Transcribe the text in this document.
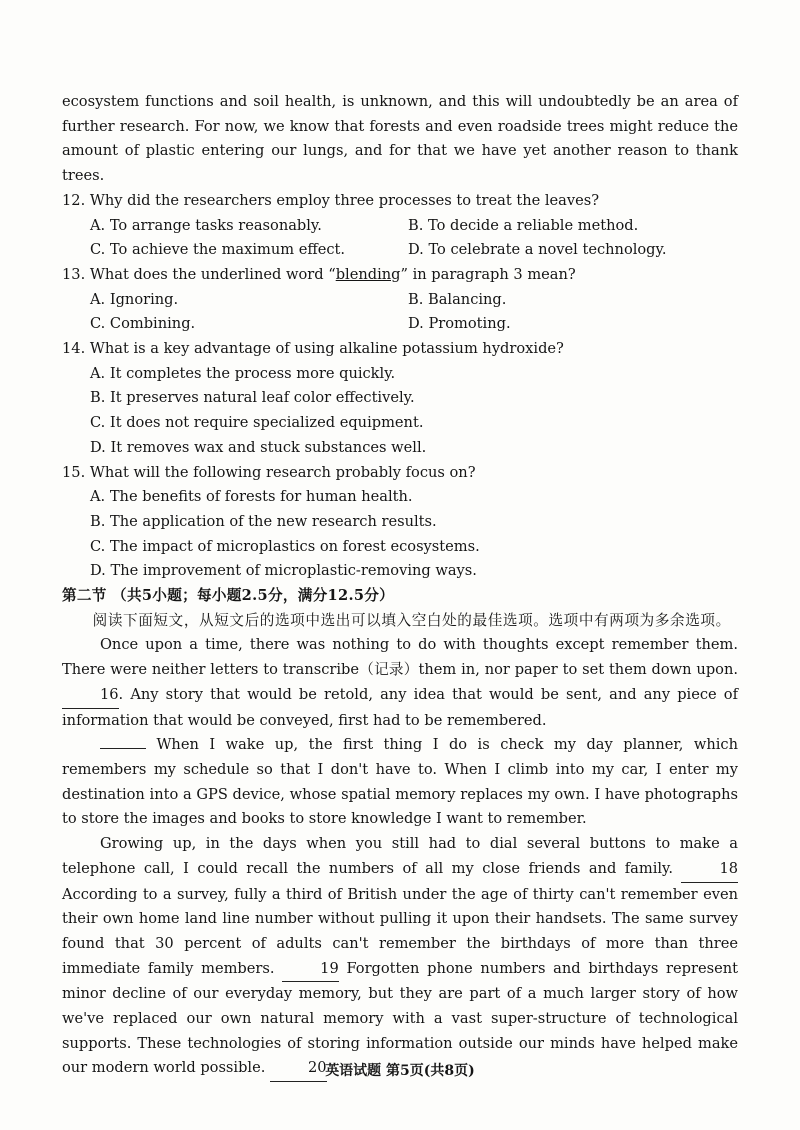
ecosystem functions and soil health, is unknown, and this will undoubtedly be an area of further research. For now, we know that forests and even roadside trees might reduce the amount of plastic entering our lungs, and for that we have yet another reason to thank trees.

12. Why did the researchers employ three processes to treat the leaves?

A. To arrange tasks reasonably.	B. To decide a reliable method.
C. To achieve the maximum effect.	D. To celebrate a novel technology.

13. What does the underlined word “blending” in paragraph 3 mean?

A. Ignoring.	B. Balancing.
C. Combining.	D. Promoting.

14. What is a key advantage of using alkaline potassium hydroxide?

A. It completes the process more quickly.

B. It preserves natural leaf color effectively.

C. It does not require specialized equipment.

D. It removes wax and stuck substances well.

15. What will the following research probably focus on?

A. The benefits of forests for human health.

B. The application of the new research results.

C. The impact of microplastics on forest ecosystems.

D. The improvement of microplastic-removing ways.

第二节 （共5小题；每小题2.5分，满分12.5分）

阅读下面短文，从短文后的选项中选出可以填入空白处的最佳选项。选项中有两项为多余选项。

Once upon a time, there was nothing to do with thoughts except remember them. There were neither letters to transcribe（记录）them in, nor paper to set them down upon. 16. Any story that would be retold, any idea that would be sent, and any piece of information that would be conveyed, first had to be remembered.

When I wake up, the first thing I do is check my day planner, which remembers my schedule so that I don't have to. When I climb into my car, I enter my destination into a GPS device, whose spatial memory replaces my own. I have photographs to store the images and books to store knowledge I want to remember.

Growing up, in the days when you still had to dial several buttons to make a telephone call, I could recall the numbers of all my close friends and family.	18 According to a survey, fully a third of British under the age of thirty can't remember even their own home land line number without pulling it upon their handsets. The same survey found that 30 percent of adults can't remember the birthdays of more than three immediate family members.	19 Forgotten phone numbers and birthdays represent minor decline of our everyday memory, but they are part of a much larger story of how we've replaced our own natural memory with a vast super-structure of technological supports. These technologies of storing information outside our minds have helped make our modern world possible.	20

英语试题 第5页(共8页)
